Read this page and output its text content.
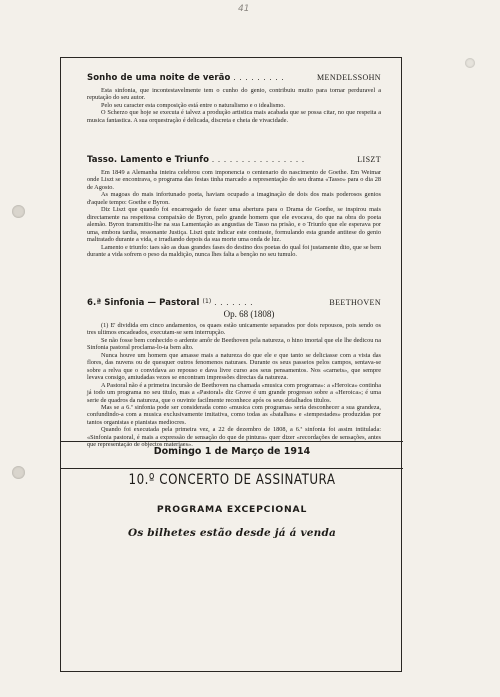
41
Sonho de uma noite de verão . . . . . . . . .	MENDELSSOHN

Esta sinfonia, que incontestavelmente tem o cunho do genio, contribuiu muito para tornar perduravel a reputação do seu autor.

Pelo seu caracter esta composição está entre o naturalismo e o idealismo.

O Scherzo que hoje se executa é talvez a produção artistica mais acabada que se possa citar, no que respeita a musica fantastica. A sua orquestração é delicada, discreta e cheia de vivacidade.

Tasso. Lamento e Triunfo . . . . . . . . . . . . . . . .	LISZT

Em 1849 a Alemanha inteira celebrou com imponencia o centenario do nascimento de Goethe. Em Weimar onde Liszt se encontrava, o programa das festas tinha marcado a representação do seu drama «Tasso» para o dia 28 de Agosto.

As magoas do mais infortunado poeta, haviam ocupado a imaginação de dois dos mais poderosos genios d'aquele tempo: Goethe e Byron.

Diz Liszt que quando foi encarregado de fazer uma abertura para o Drama de Goethe, se inspirou mais directamente na respeitosa compaixão de Byron, pelo grande homem que ele evocava, do que na obra do poeta alemão. Byron transmitiu-lhe na sua Lamentação as angustias de Tasso na prisão, e o Triunfo que ele esperava por uma, embora tardia, ressonante Justiça. Liszt quiz indicar este contraste, formulando esta grande antitese do genio maltratado durante a vida, e irradiando depois da sua morte uma onda de luz.

Lamento e triunfo: taes são as duas grandes fases do destino dos poetas do qual foi justamente dito, que se bem durante a vida sofrem o peso da maldição, nunca lhes falta a benção no seu tumulo.

6.ª Sinfonia — Pastoral $^{(1)}$ . . . . . . .	BEETHOVEN
Op. 68 (1808)

(1) E' dividida em cinco andamentos, os quaes estão unicamente separados por dois repousos, pois sendo os tres ultimos encadeados, executam-se sem interrupção.

Se não fosse bem conhecido o ardente amôr de Beethoven pela natureza, o hino imortal que ele lhe dedicou na Sinfonia pastoral proclama-lo-ia bem alto.

Nunca houve um homem que amasse mais a natureza do que ele e que tanto se deliciasse com a vista das flores, das nuvens ou de quesquer outros fenomenos naturaes. Durante os seus passeios pelos campos, sentava-se sobre a relva que o convidava ao repouso e dava livre curso aos seus pensamentos. Nos «carnets», que sempre levava consigo, amiudadas vezes se encontram impressões directas da natureza.

A Pastoral não é a primeira incursão de Beethoven na chamada «musica com programa»: a «Heroica» continha já todo um programa no seu titulo, mas a «Pastoral» diz Grove é um grande progresso sobre a «Heroica»; é uma serie de quadros da natureza, que o ouvinte facilmente reconhece após os seus detalhados titulos.

Mas se a 6.ª sinfonia pode ser considerada como «musica com programa» seria desconhecer a sua grandeza, confundindo-a com a musica exclusivamente imitativa, como todas as «batalhas» e «tempestades» produzidas por tantos organistas e pianistas mediocres.

Quando foi executada pela primeira vez, a 22 de dezembro de 1808, a 6.ª sinfonia foi assim intitulada: «Sinfonia pastoral, é mais a expressão de sensação do que de pintura» quer dizer «recordações de sensações, antes que representação de objectos materiaes».

Domingo 1 de Março de 1914
10.º CONCERTO DE ASSINATURA
PROGRAMA EXCEPCIONAL
Os bilhetes estão desde já á venda
